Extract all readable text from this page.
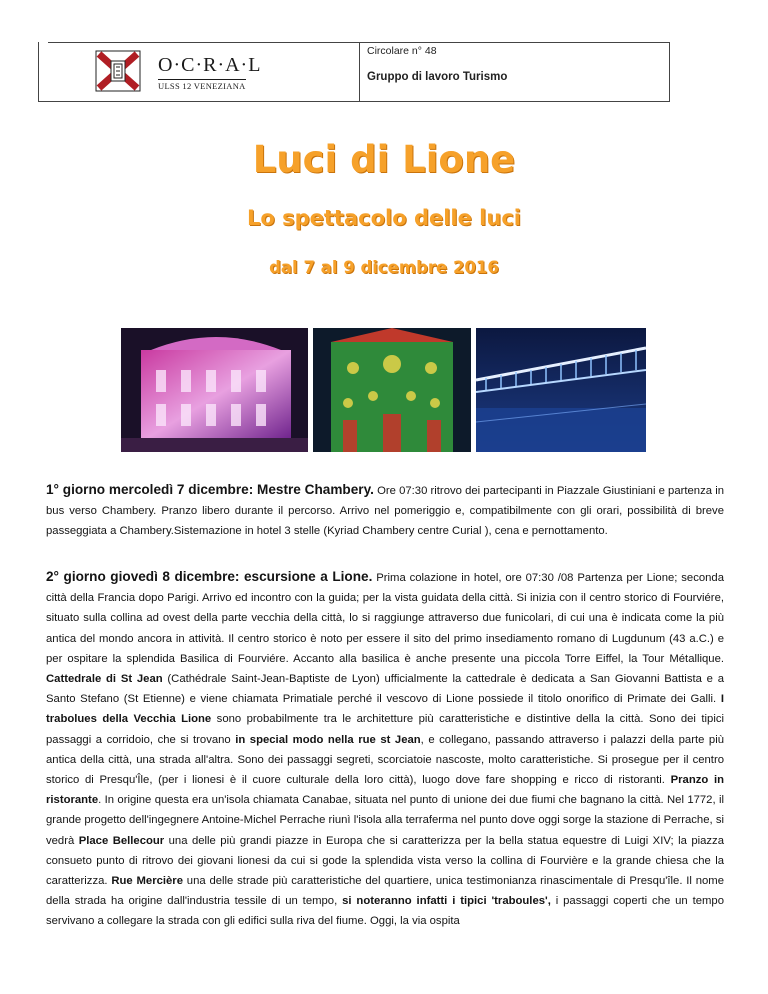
O·C·R·A·L
ULSS 12 VENEZIANA
Circolare n° 48
Gruppo di lavoro Turismo
Luci di Lione
Lo spettacolo delle luci
dal 7 al 9 dicembre 2016
1° giorno mercoledì 7 dicembre: Mestre Chambery. Ore 07:30 ritrovo dei partecipanti in Piazzale Giustiniani e partenza in bus verso Chambery. Pranzo libero durante il percorso. Arrivo nel pomeriggio e, compatibilmente con gli orari, possibilità di breve passeggiata a Chambery.Sistemazione in hotel 3 stelle (Kyriad Chambery centre Curial ), cena e pernottamento.
2° giorno giovedì 8 dicembre: escursione a Lione. Prima colazione in hotel, ore 07:30 /08 Partenza per Lione; seconda città della Francia dopo Parigi. Arrivo ed incontro con la guida; per la vista guidata della città. Si inizia con il centro storico di Fourviére, situato sulla collina ad ovest della parte vecchia della città, lo si raggiunge attraverso due funicolari, di cui una è indicata come la più antica del mondo ancora in attività. Il centro storico è noto per essere il sito del primo insediamento romano di Lugdunum (43 a.C.) e per ospitare la splendida Basilica di Fourviére. Accanto alla basilica è anche presente una piccola Torre Eiffel, la Tour Métallique. Cattedrale di St Jean (Cathédrale Saint-Jean-Baptiste de Lyon) ufficialmente la cattedrale è dedicata a San Giovanni Battista e a Santo Stefano (St Etienne) e viene chiamata Primatiale perché il vescovo di Lione possiede il titolo onorifico di Primate dei Galli. I trabolues della Vecchia Lione sono probabilmente tra le architetture più caratteristiche e distintive della la città. Sono dei tipici passaggi a corridoio, che si trovano in special modo nella rue st Jean, e collegano, passando attraverso i palazzi della parte più antica della città, una strada all'altra. Sono dei passaggi segreti, scorciatoie nascoste, molto caratteristiche. Si prosegue per il centro storico di Presqu'Île, (per i lionesi è il cuore culturale della loro città), luogo dove fare shopping e ricco di ristoranti. Pranzo in ristorante. In origine questa era un'isola chiamata Canabae, situata nel punto di unione dei due fiumi che bagnano la città. Nel 1772, il grande progetto dell'ingegnere Antoine-Michel Perrache riunì l'isola alla terraferma nel punto dove oggi sorge la stazione di Perrache, si vedrà Place Bellecour una delle più grandi piazze in Europa che si caratterizza per la bella statua equestre di Luigi XIV; la piazza consueto punto di ritrovo dei giovani lionesi da cui si gode la splendida vista verso la collina di Fourvière e la grande chiesa che la caratterizza. Rue Mercière una delle strade più caratteristiche del quartiere, unica testimonianza rinascimentale di Presqu'île. Il nome della strada ha origine dall'industria tessile di un tempo, si noteranno infatti i tipici 'traboules', i passaggi coperti che un tempo servivano a collegare la strada con gli edifici sulla riva del fiume. Oggi, la via ospita
